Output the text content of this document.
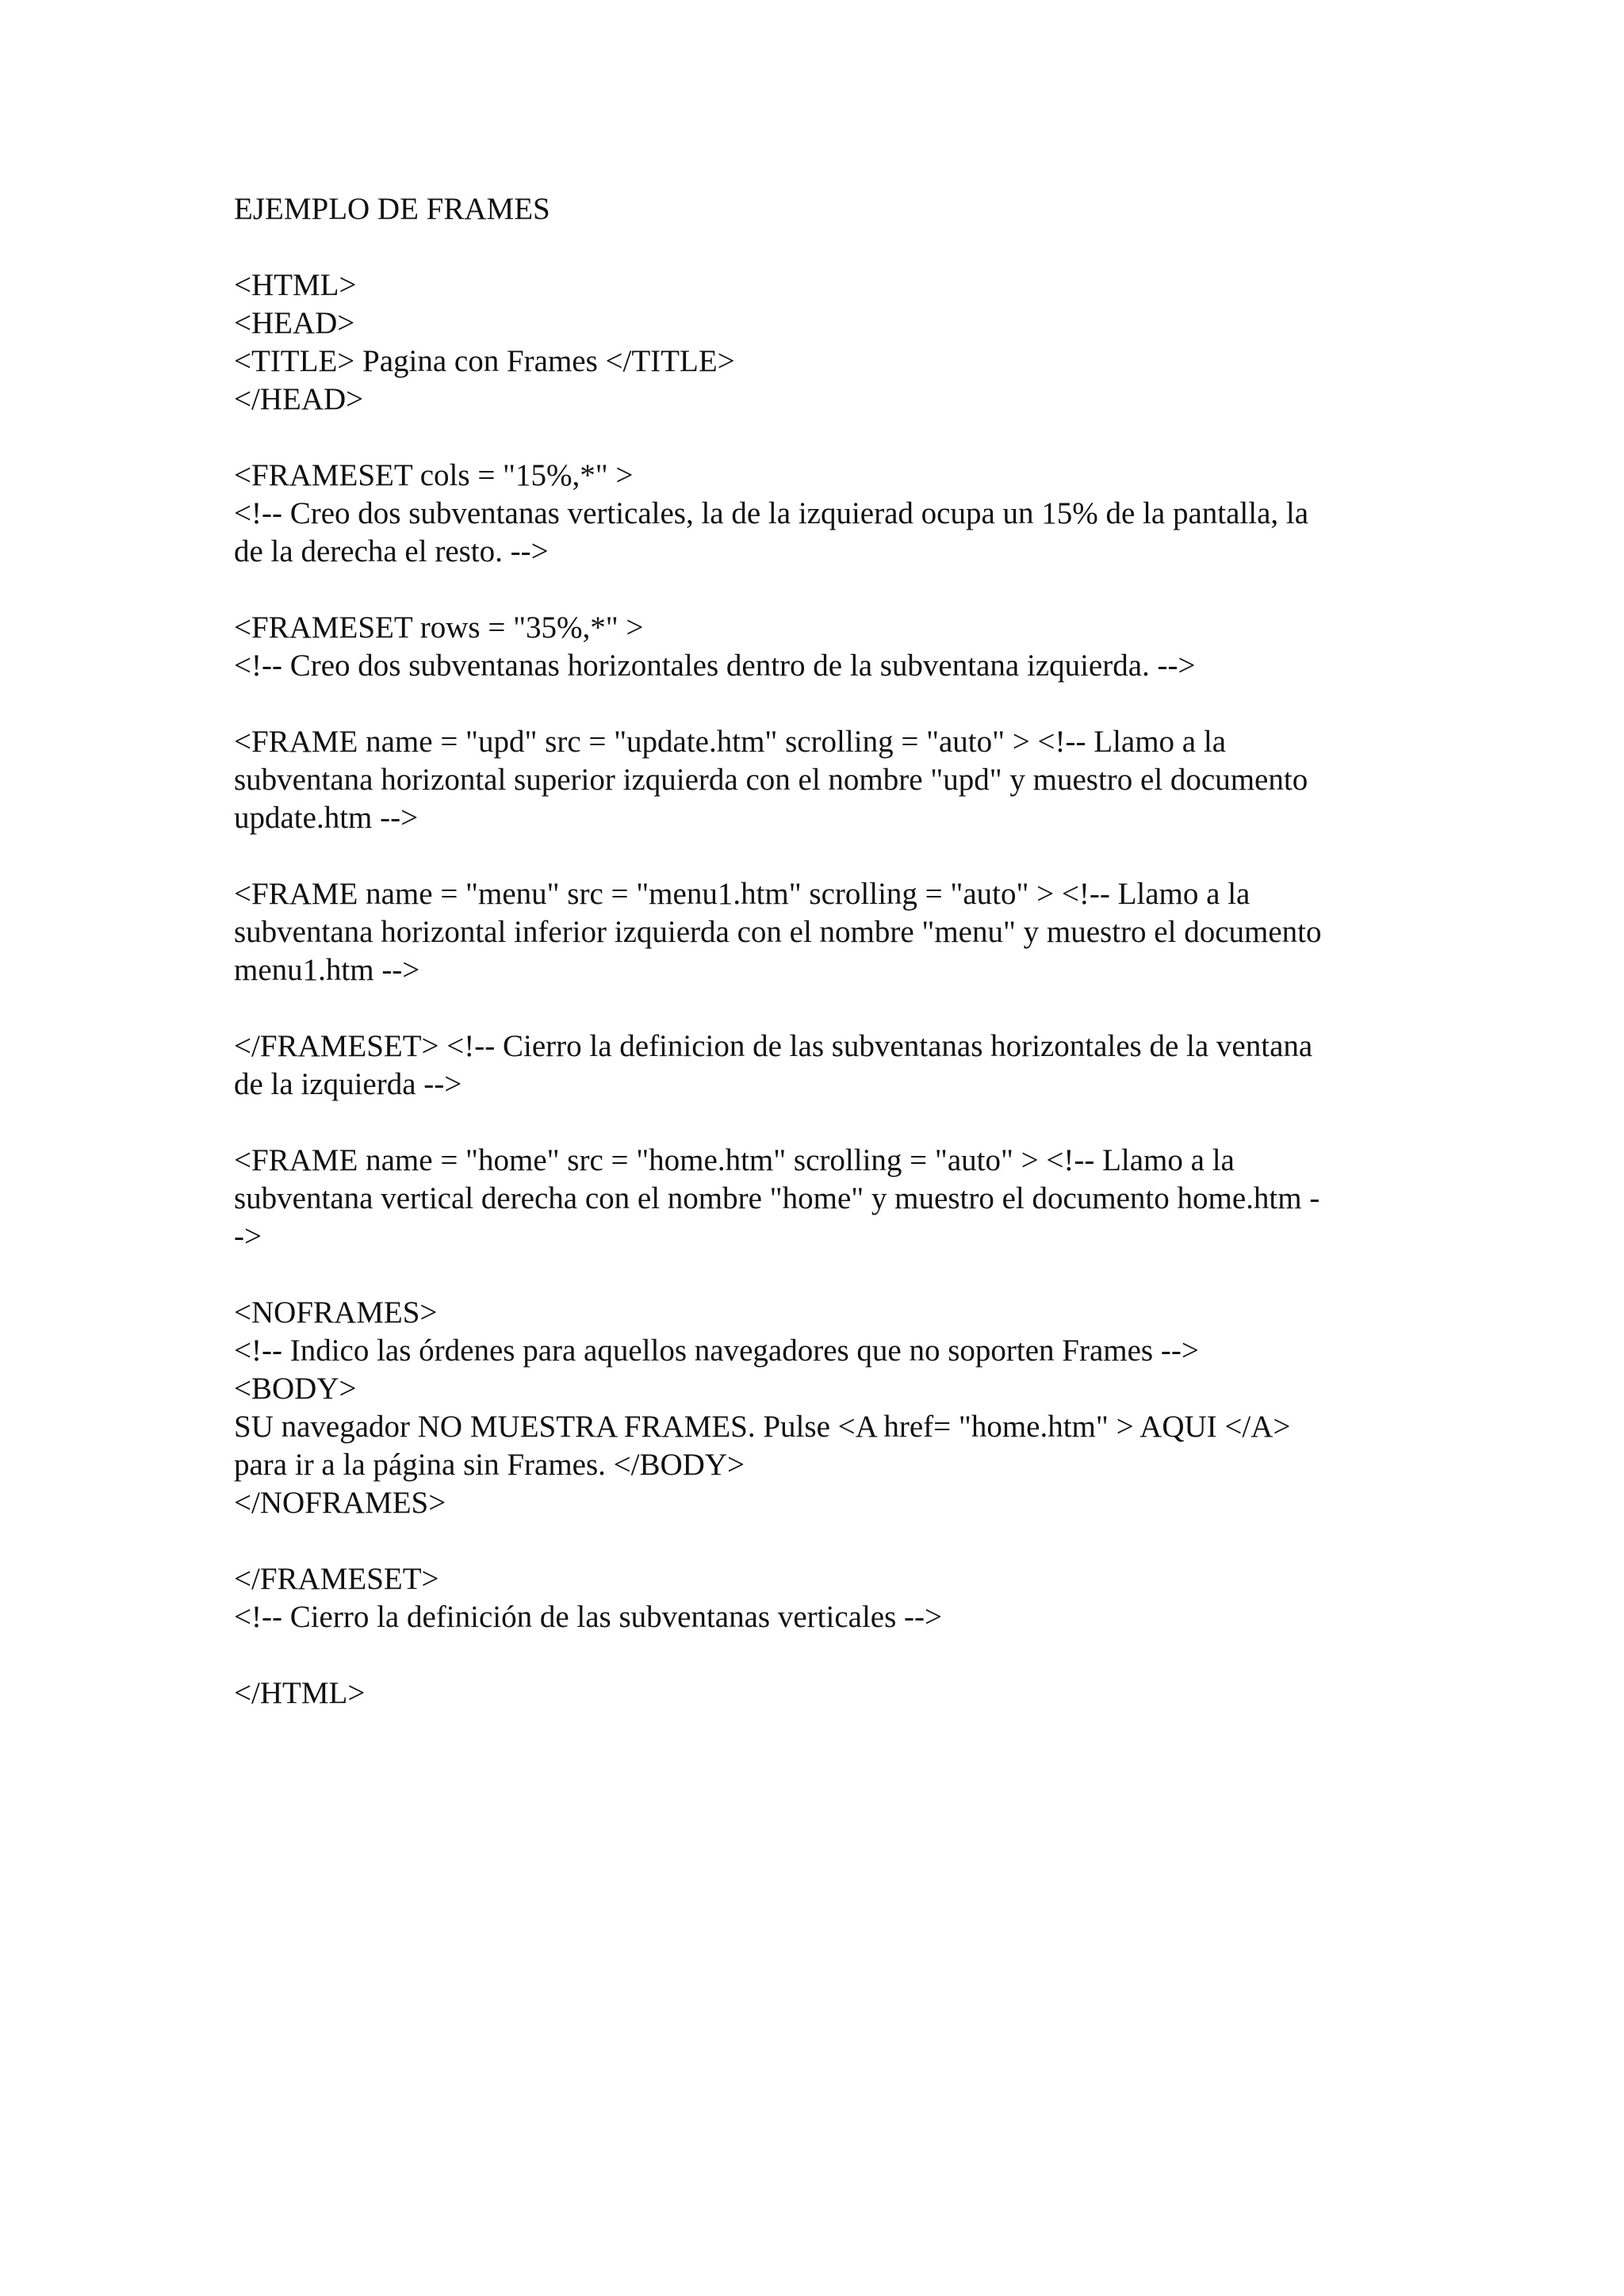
EJEMPLO DE FRAMES
<HTML>
<HEAD>
<TITLE> Pagina con Frames </TITLE>
</HEAD>
<FRAMESET cols = "15%,*" >
<!-- Creo dos subventanas verticales, la de la izquierad ocupa un 15% de la pantalla, la
de la derecha el resto. -->
<FRAMESET rows = "35%,*" >
<!-- Creo dos subventanas horizontales dentro de la subventana izquierda. -->
<FRAME name = "upd" src = "update.htm" scrolling = "auto" > <!-- Llamo a la
subventana horizontal superior izquierda con el nombre "upd" y muestro el documento
update.htm -->
<FRAME name = "menu" src = "menu1.htm" scrolling = "auto" > <!-- Llamo a la
subventana horizontal inferior izquierda con el nombre "menu" y muestro el documento
menu1.htm -->
</FRAMESET> <!-- Cierro la definicion de las subventanas horizontales de la ventana
de la izquierda -->
<FRAME name = "home" src = "home.htm" scrolling = "auto" > <!-- Llamo a la
subventana vertical derecha con el nombre "home" y muestro el documento home.htm -
->
<NOFRAMES>
<!-- Indico las órdenes para aquellos navegadores que no soporten Frames -->
<BODY>
SU navegador NO MUESTRA FRAMES. Pulse <A href= "home.htm" > AQUI </A>
para ir a la página sin Frames. </BODY>
</NOFRAMES>
</FRAMESET>
<!-- Cierro la definición de las subventanas verticales -->
</HTML>
